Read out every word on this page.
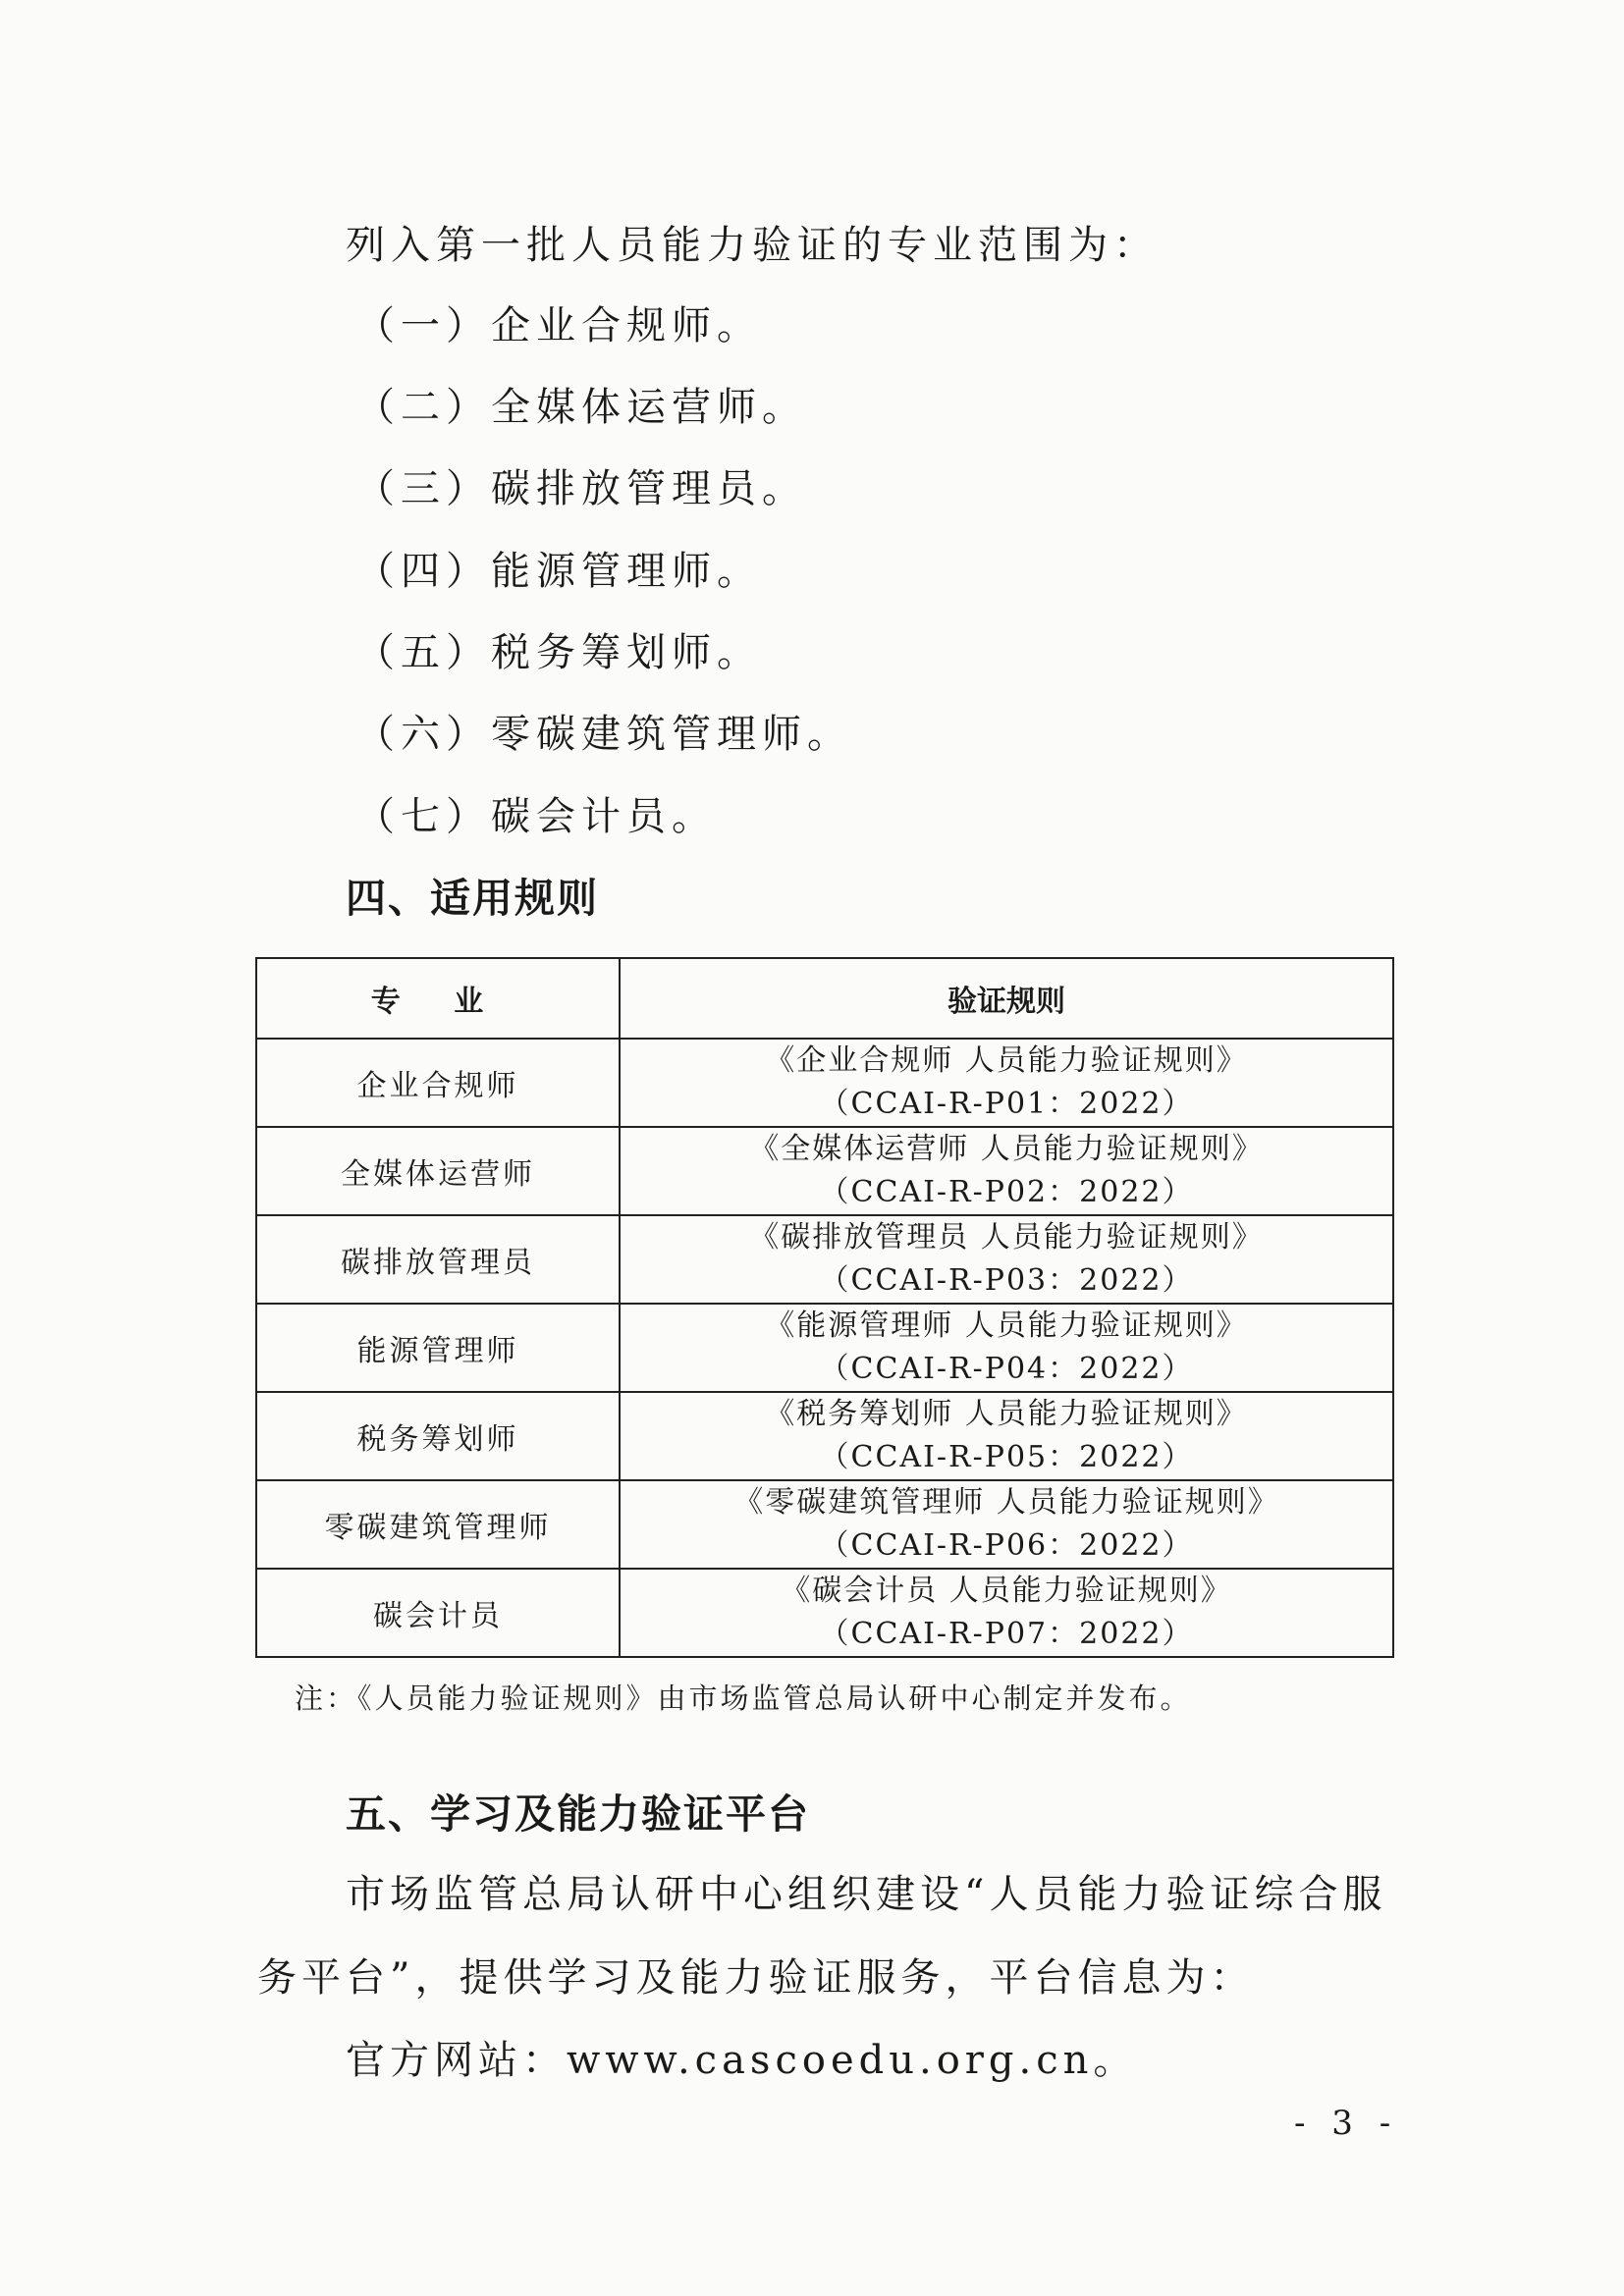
列入第一批人员能力验证的专业范围为：
（一）企业合规师。
（二）全媒体运营师。
（三）碳排放管理员。
（四）能源管理师。
（五）税务筹划师。
（六）零碳建筑管理师。
（七）碳会计员。
四、适用规则
专 业	验证规则
企业合规师	《企业合规师 人员能力验证规则》
（CCAI-R-P01：2022）

全媒体运营师	《全媒体运营师 人员能力验证规则》
（CCAI-R-P02：2022）

碳排放管理员	《碳排放管理员 人员能力验证规则》
（CCAI-R-P03：2022）

能源管理师	《能源管理师 人员能力验证规则》
（CCAI-R-P04：2022）

税务筹划师	《税务筹划师 人员能力验证规则》
（CCAI-R-P05：2022）

零碳建筑管理师	《零碳建筑管理师 人员能力验证规则》
（CCAI-R-P06：2022）

碳会计员	《碳会计员 人员能力验证规则》
（CCAI-R-P07：2022）
注：《人员能力验证规则》由市场监管总局认研中心制定并发布。
五、学习及能力验证平台
市场监管总局认研中心组织建设“人员能力验证综合服
务平台”，提供学习及能力验证服务，平台信息为：
官方网站：www.cascoedu.org.cn。
- 3 -
